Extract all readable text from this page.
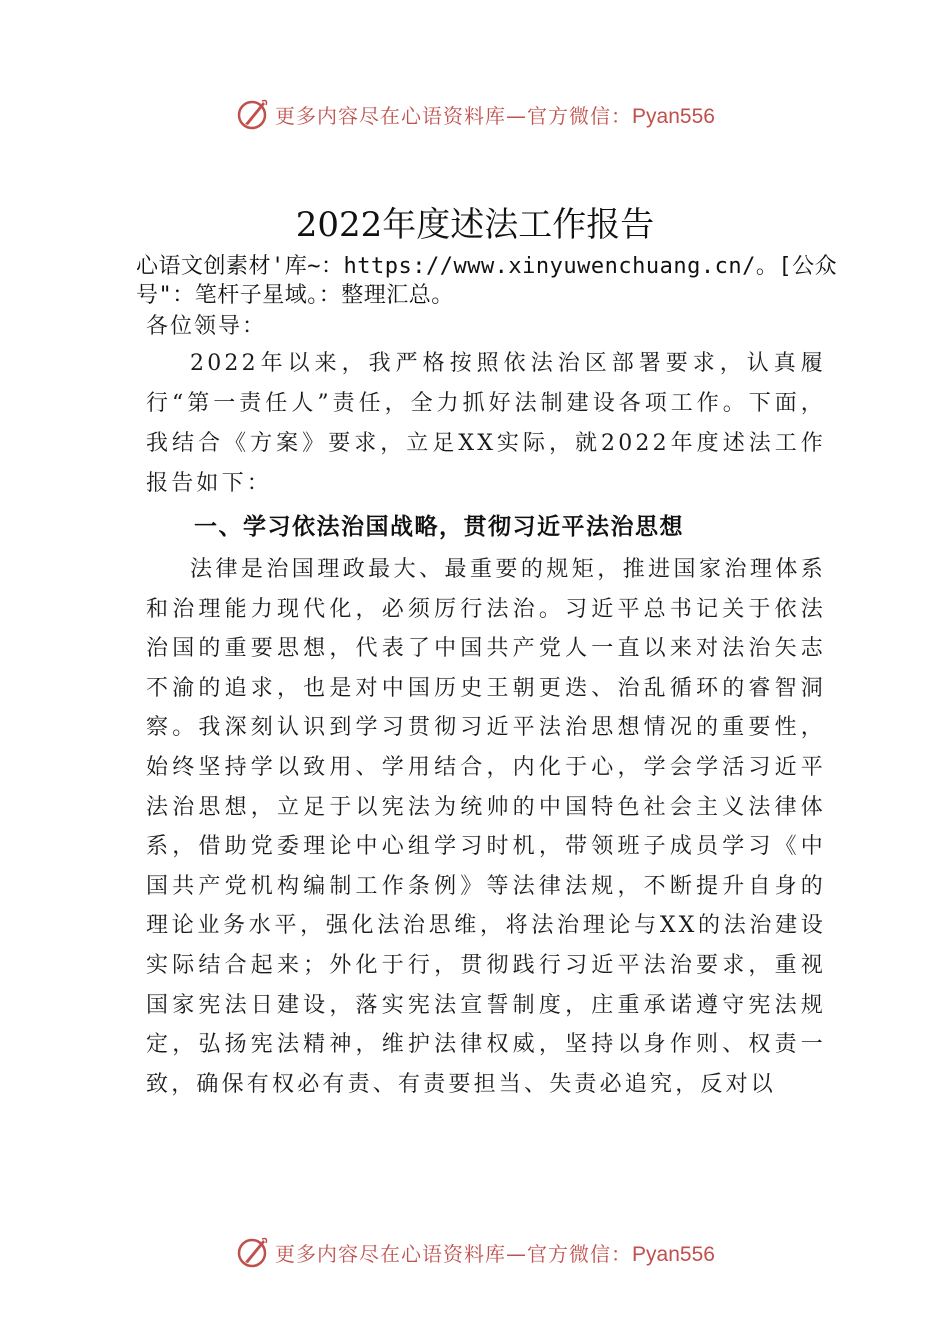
更多内容尽在心语资料库—官方微信：Pyan556
2022年度述法工作报告
心语文创素材'库~：https://www.xinyuwenchuang.cn/。[公众号"：笔杆子星域。：整理汇总。
各位领导：
2022年以来，我严格按照依法治区部署要求，认真履行“第一责任人”责任，全力抓好法制建设各项工作。下面，我结合《方案》要求，立足XX实际，就2022年度述法工作报告如下：
一、学习依法治国战略，贯彻习近平法治思想
法律是治国理政最大、最重要的规矩，推进国家治理体系和治理能力现代化，必须厉行法治。习近平总书记关于依法治国的重要思想，代表了中国共产党人一直以来对法治矢志不渝的追求，也是对中国历史王朝更迭、治乱循环的睿智洞察。我深刻认识到学习贯彻习近平法治思想情况的重要性，始终坚持学以致用、学用结合，内化于心，学会学活习近平法治思想，立足于以宪法为统帅的中国特色社会主义法律体系，借助党委理论中心组学习时机，带领班子成员学习《中国共产党机构编制工作条例》等法律法规，不断提升自身的理论业务水平，强化法治思维，将法治理论与XX的法治建设实际结合起来；外化于行，贯彻践行习近平法治要求，重视国家宪法日建设，落实宪法宣誓制度，庄重承诺遵守宪法规定，弘扬宪法精神，维护法律权威，坚持以身作则、权责一致，确保有权必有责、有责要担当、失责必追究，反对以
更多内容尽在心语资料库—官方微信：Pyan556
